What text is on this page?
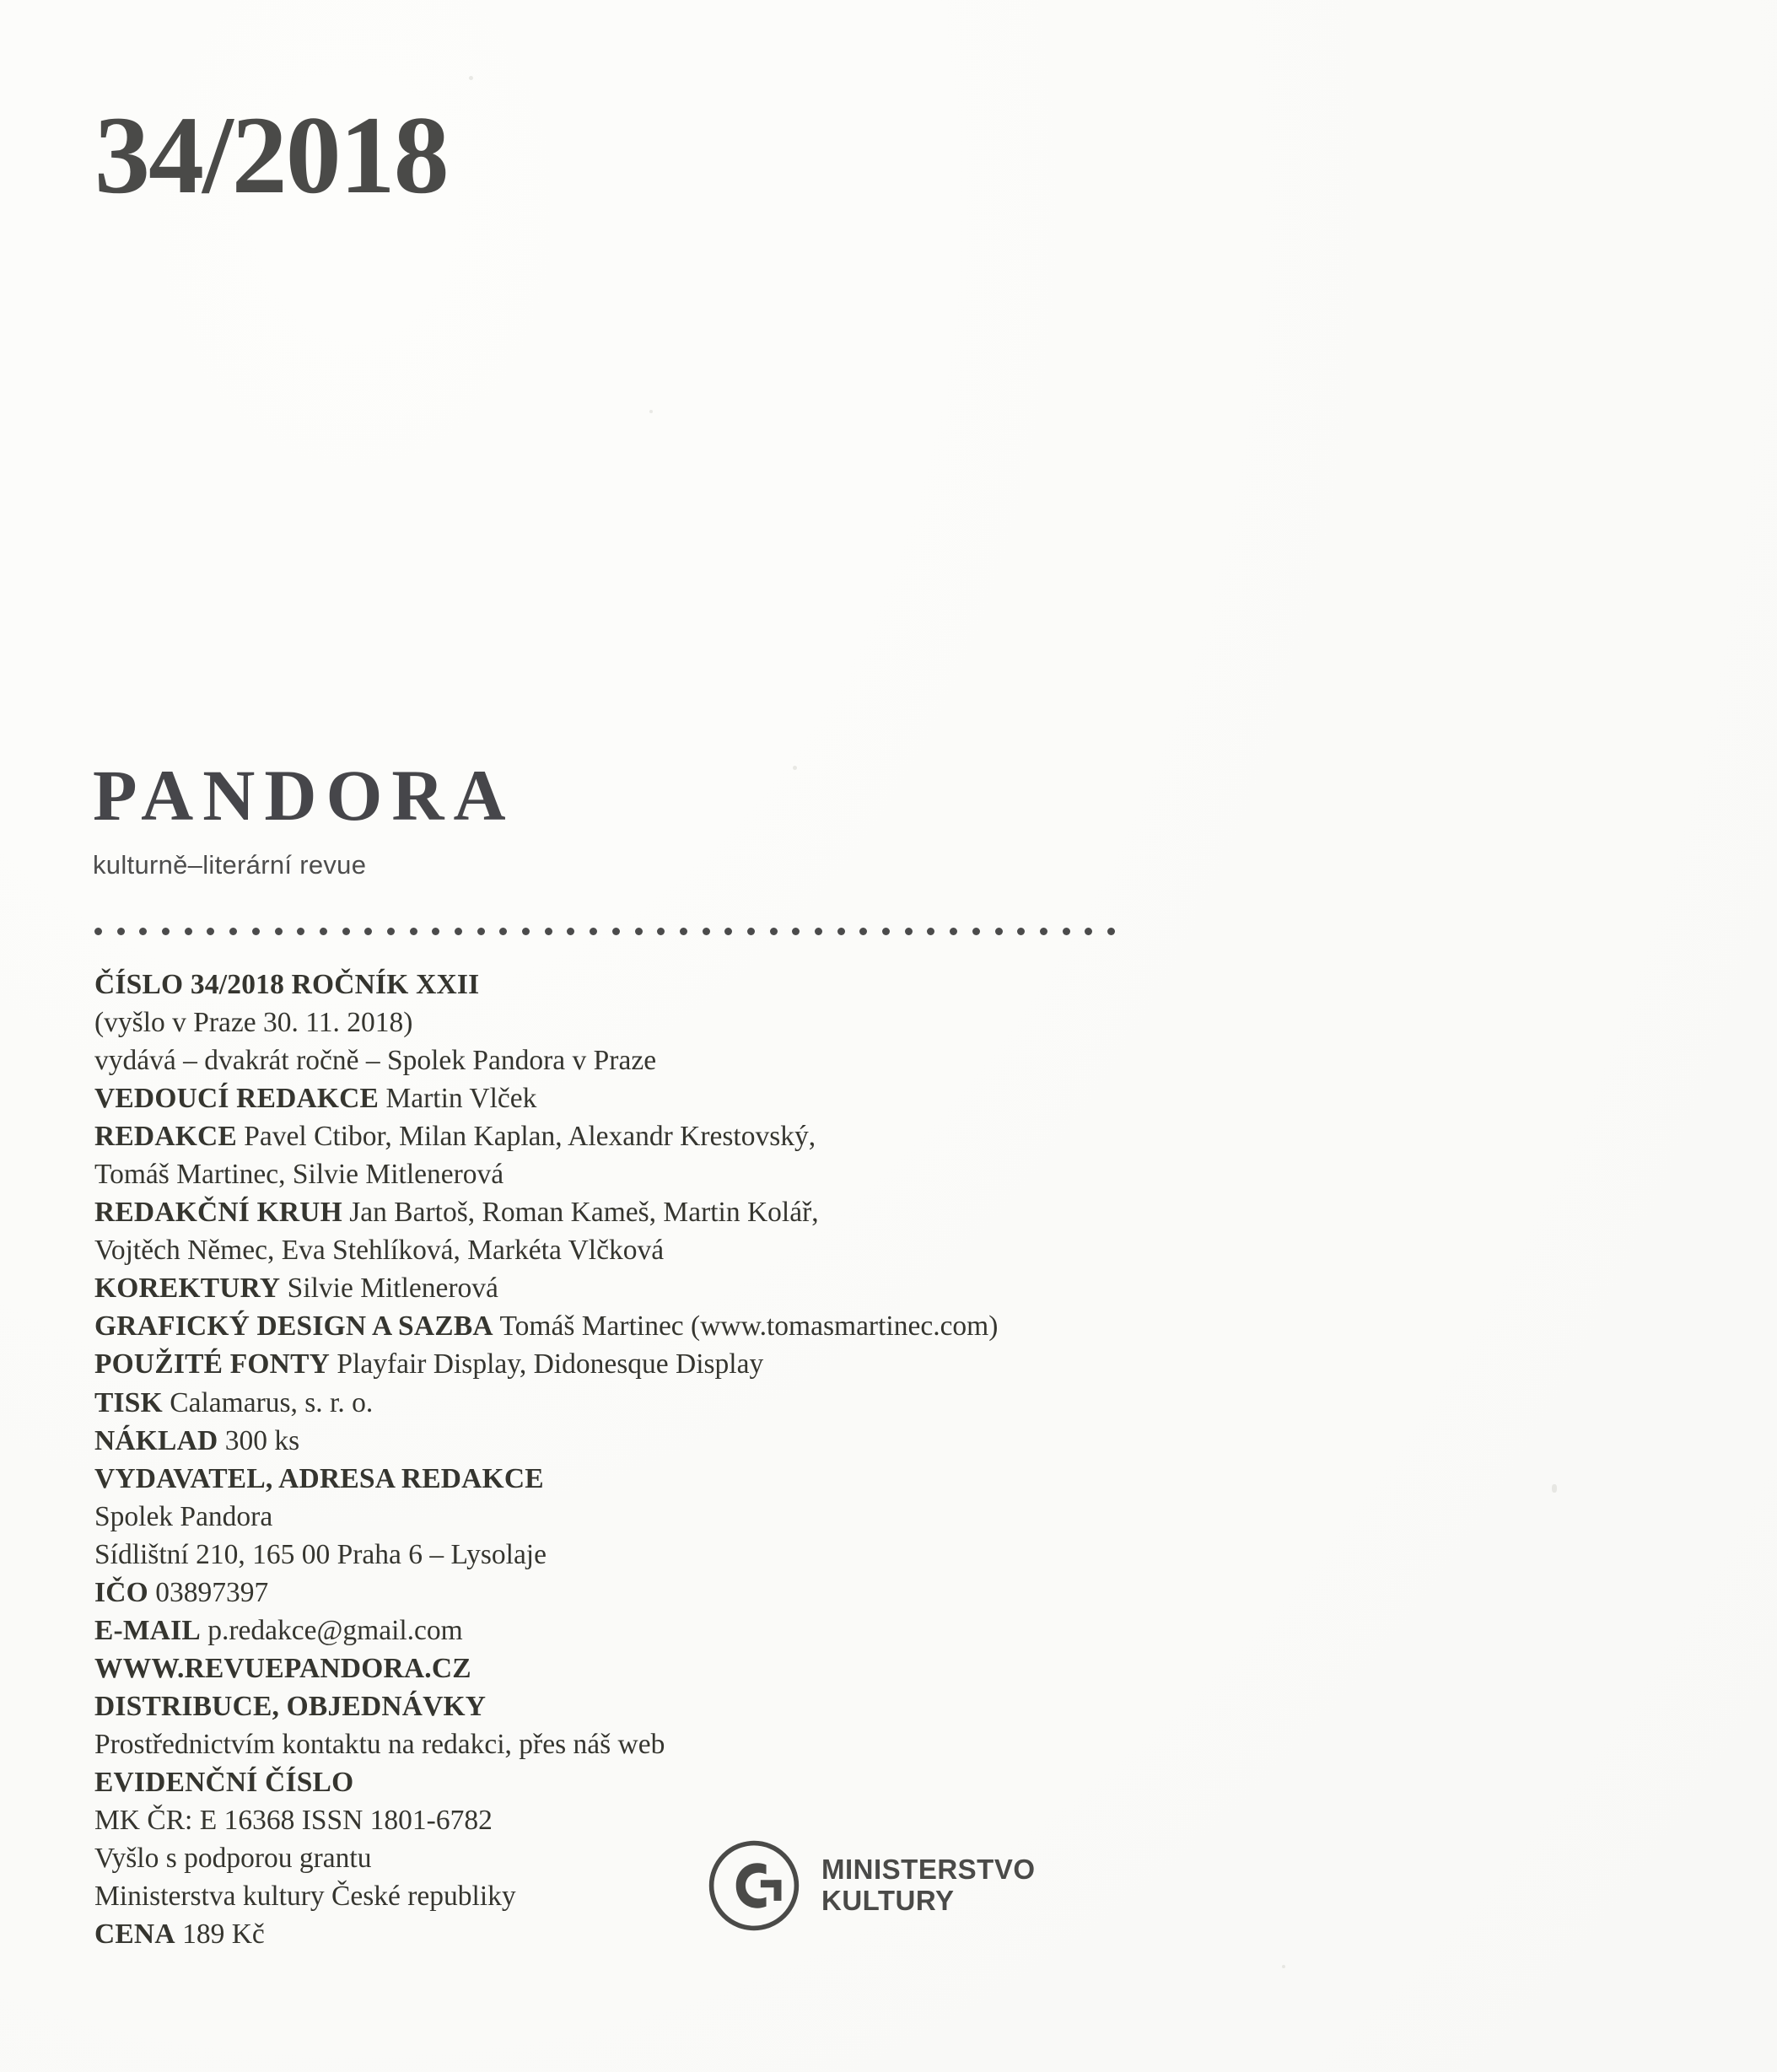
34/2018
PANDORA
kulturně–literární revue
ČÍSLO 34/2018 ROČNÍK XXII
(vyšlo v Praze 30. 11. 2018)
vydává – dvakrát ročně – Spolek Pandora v Praze
VEDOUCÍ REDAKCE Martin Vlček
REDAKCE Pavel Ctibor, Milan Kaplan, Alexandr Krestovský,
Tomáš Martinec, Silvie Mitlenerová
REDAKČNÍ KRUH Jan Bartoš, Roman Kameš, Martin Kolář,
Vojtěch Němec, Eva Stehlíková, Markéta Vlčková
KOREKTURY Silvie Mitlenerová
GRAFICKÝ DESIGN A SAZBA Tomáš Martinec (www.tomasmartinec.com)
POUŽITÉ FONTY Playfair Display, Didonesque Display
TISK Calamarus, s. r. o.
NÁKLAD 300 ks
VYDAVATEL, ADRESA REDAKCE
Spolek Pandora
Sídlištní 210, 165 00 Praha 6 – Lysolaje
IČO 03897397
E-MAIL p.redakce@gmail.com
WWW.REVUEPANDORA.CZ
DISTRIBUCE, OBJEDNÁVKY
Prostřednictvím kontaktu na redakci, přes náš web
EVIDENČNÍ ČÍSLO
MK ČR: E 16368 ISSN 1801-6782
Vyšlo s podporou grantu
Ministerstva kultury České republiky
CENA 189 Kč
MINISTERSTVO
KULTURY
